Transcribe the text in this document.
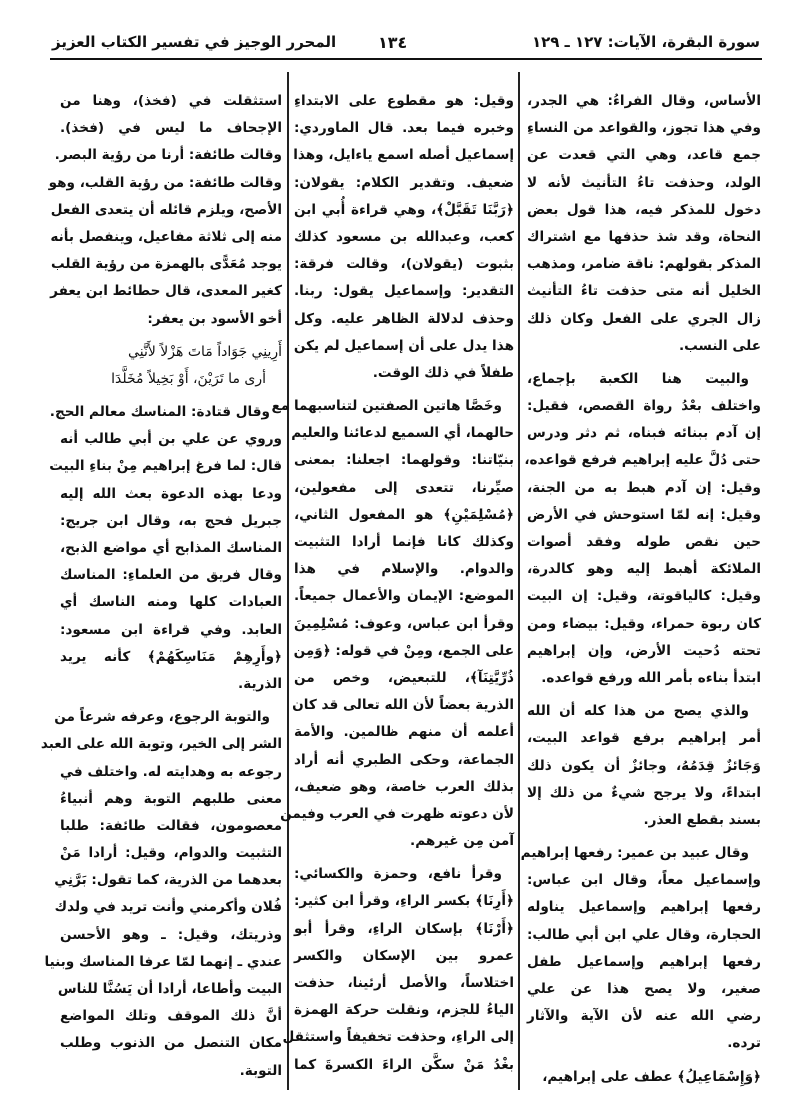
سورة البقرة، الآيات: ١٢٧ ـ ١٢٩
١٣٤
المحرر الوجيز في تفسير الكتاب العزيز
الأساس، وقال الفراءُ: هي الجدر،
وفي هذا تجوز، والقواعد من النساءِ
جمع قاعد، وهي التي قعدت عن
الولد، وحذفت تاءُ التأنيث لأنه لا
دخول للمذكر فيه، هذا قول بعض
النحاة، وقد شذ حذفها مع اشتراك
المذكر بقولهم: ناقة ضامر، ومذهب
الخليل أنه متى حذفت تاءُ التأنيث
زال الجري على الفعل وكان ذلك
على النسب.
والبيت هنا الكعبة بإجماع،
واختلف بعْدُ رواة القصص، فقيل:
إن آدم ببنائه فبناه، ثم دثر ودرس
حتى دُلَّ عليه إبراهيم فرفع قواعده،
وقيل: إن آدم هبط به من الجنة،
وقيل: إنه لمّا استوحش في الأرض
حين نقص طوله وفقد أصوات
الملائكة أهبط إليه وهو كالدرة،
وقيل: كالياقوتة، وقيل: إن البيت
كان ربوة حمراء، وقيل: بيضاء ومن
تحته دُحيت الأرض، وإن إبراهيم
ابتدأ بناءه بأمر الله ورفع قواعده.
والذي يصح من هذا كله أن الله
أمر إبراهيم برفع قواعد البيت،
وَجَائزٌ قِدَمُهُ، وجائزٌ أن يكون ذلك
ابتداءً، ولا يرجح شيءٌ من ذلك إلا
بسند بقطع العذر.
وقال عبيد بن عمير: رفعها إبراهيم
وإسماعيل معاً، وقال ابن عباس:
رفعها إبراهيم وإسماعيل يناوله
الحجارة، وقال علي ابن أبي طالب:
رفعها إبراهيم وإسماعيل طفل
صغير، ولا يصح هذا عن علي
رضي الله عنه لأن الآية والآثار
ترده.
﴿وَإِسْمَاعِيلُ﴾ عطف على إبراهيم،
وقيل: هو مقطوع على الابتداءِ
وخبره فيما بعد. قال الماوردي:
إسماعيل أصله اسمع ياءايل، وهذا
ضعيف. وتقدير الكلام: يقولان:
﴿رَبَّنَا تَقَبَّلْ﴾، وهي قراءة أُبي ابن
كعب، وعبدالله بن مسعود كذلك
بثبوت (يقولان)، وقالت فرقة:
التقدير: وإسماعيل يقول: ربنا.
وحذف لدلالة الظاهر عليه. وكل
هذا يدل على أن إسماعيل لم يكن
طفلاً في ذلك الوقت.
وخَصَّا هاتين الصفتين لتناسبهما مع
حالهما، أي السميع لدعائنا والعليم
بنيّاتنا: وقولهما: اجعلنا: بمعنى
صيِّرنا، تتعدى إلى مفعولين،
﴿مُسْلِمَيْنِ﴾ هو المفعول الثاني،
وكذلك كانا فإنما أرادا التثبيت
والدوام. والإسلام في هذا
الموضع: الإيمان والأعمال جميعاً.
وقرأ ابن عباس، وعوف: مُسْلِمِينَ
على الجمع، ومِنْ في قوله: ﴿وَمِن
ذُرِّيَّتِنَآ﴾، للتبعيض، وخص من
الذرية بعضاً لأن الله تعالى قد كان
أعلمه أن منهم ظالمين. والأمة
الجماعة، وحكى الطبري أنه أراد
بذلك العرب خاصة، وهو ضعيف،
لأن دعوته ظهرت في العرب وفيمن
آمن مِن غيرهم.
وقرأ نافع، وحمزة والكسائي:
﴿أَرِنَا﴾ بكسر الراءِ، وقرأ ابن كثير:
﴿أَرْنَا﴾ بإسكان الراءِ، وقرأ أبو
عمرو بين الإسكان والكسر
اختلاساً، والأصل أرئينا، حذفت
الياءُ للجزم، ونقلت حركة الهمزة
إلى الراءِ، وحذفت تخفيفاً واستثقل
بغْدُ مَنْ سكَّن الراءَ الكسرةَ كما
استثقلت في (فخذ)، وهنا من
الإجحاف ما ليس في (فخذ).
وقالت طائفة: أرنا من رؤية البصر.
وقالت طائفة: من رؤية القلب، وهو
الأصح، ويلزم قائله أن يتعدى الفعل
منه إلى ثلاثة مفاعيل، وينفصل بأنه
يوجد مُعَدًّى بالهمزة من رؤية القلب
كغير المعدى، قال حطائط ابن يعفر
أخو الأسود بن يعفر:
أَرِينِي جَوَاداً مَاتَ هَزْلاً لأَنَّنِي
أرى ما تَرَيْنَ، أَوْ بَخِيلاً مُخَلَّدَا
وقال قتادة: المناسك معالم الحج.
وروي عن علي بن أبي طالب أنه
قال: لما فرغ إبراهيم مِنْ بناءِ البيت
ودعا بهذه الدعوة بعث الله إليه
جبريل فحج به، وقال ابن جريج:
المناسك المذابح أي مواضع الذبح،
وقال فريق من العلماءِ: المناسك
العبادات كلها ومنه الناسك أي
العابد. وفي قراءة ابن مسعود:
﴿وأَرِهِمْ مَنَاسِكَهُمْ﴾ كأنه يريد
الذرية.
والتوبة الرجوع، وعرفه شرعاً من
الشر إلى الخير، وتوبة الله على العبد
رجوعه به وهدايته له. واختلف في
معنى طلبهم التوبة وهم أنبياءُ
معصومون، فقالت طائفة: طلبا
التثبيت والدوام، وقيل: أرادا مَنْ
بعدهما من الذرية، كما تقول: بَرَّنِي
فُلان وأكرمني وأنت تريد في ولدك
وذريتك، وقيل: ـ وهو الأحسن
عندي ـ إنهما لمّا عرفا المناسك وبنيا
البيت وأطاعا، أرادا أن يَسُنَّا للناس
أنَّ ذلك الموقف وتلك المواضع
مكان التنصل من الذنوب وطلب
التوبة.
